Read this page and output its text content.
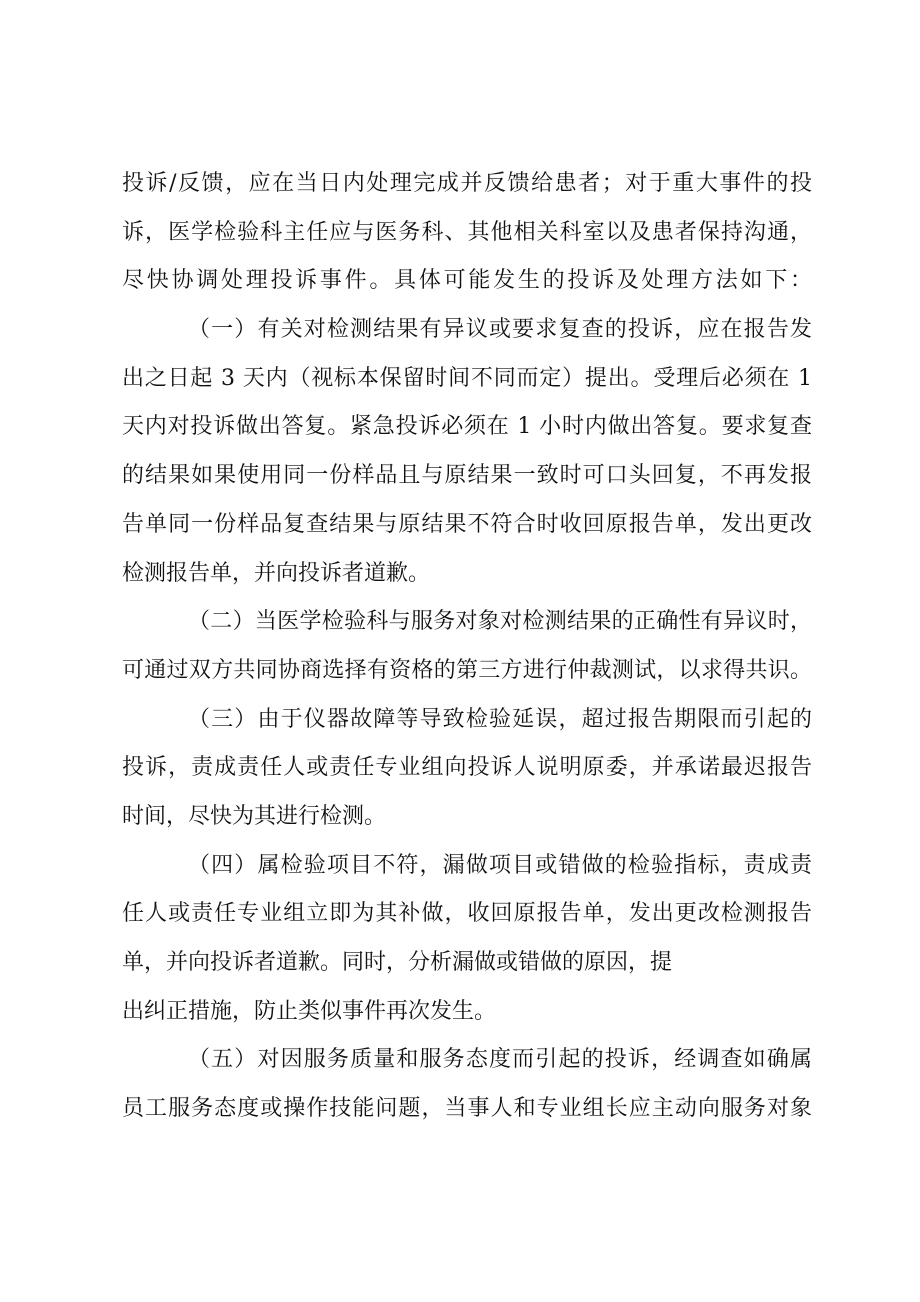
投诉/反馈，应在当日内处理完成并反馈给患者；对于重大事件的投
诉，医学检验科主任应与医务科、其他相关科室以及患者保持沟通，
尽快协调处理投诉事件。具体可能发生的投诉及处理方法如下：
（一）有关对检测结果有异议或要求复查的投诉，应在报告发
出之日起 3 天内（视标本保留时间不同而定）提出。受理后必须在 1
天内对投诉做出答复。紧急投诉必须在 1 小时内做出答复。要求复查
的结果如果使用同一份样品且与原结果一致时可口头回复，不再发报
告单同一份样品复查结果与原结果不符合时收回原报告单，发出更改
检测报告单，并向投诉者道歉。
（二）当医学检验科与服务对象对检测结果的正确性有异议时，
可通过双方共同协商选择有资格的第三方进行仲裁测试，以求得共识。
（三）由于仪器故障等导致检验延误，超过报告期限而引起的
投诉，责成责任人或责任专业组向投诉人说明原委，并承诺最迟报告
时间，尽快为其进行检测。
（四）属检验项目不符，漏做项目或错做的检验指标，责成责
任人或责任专业组立即为其补做，收回原报告单，发出更改检测报告
单，并向投诉者道歉。同时，分析漏做或错做的原因，提
出纠正措施，防止类似事件再次发生。
（五）对因服务质量和服务态度而引起的投诉，经调查如确属
员工服务态度或操作技能问题，当事人和专业组长应主动向服务对象
